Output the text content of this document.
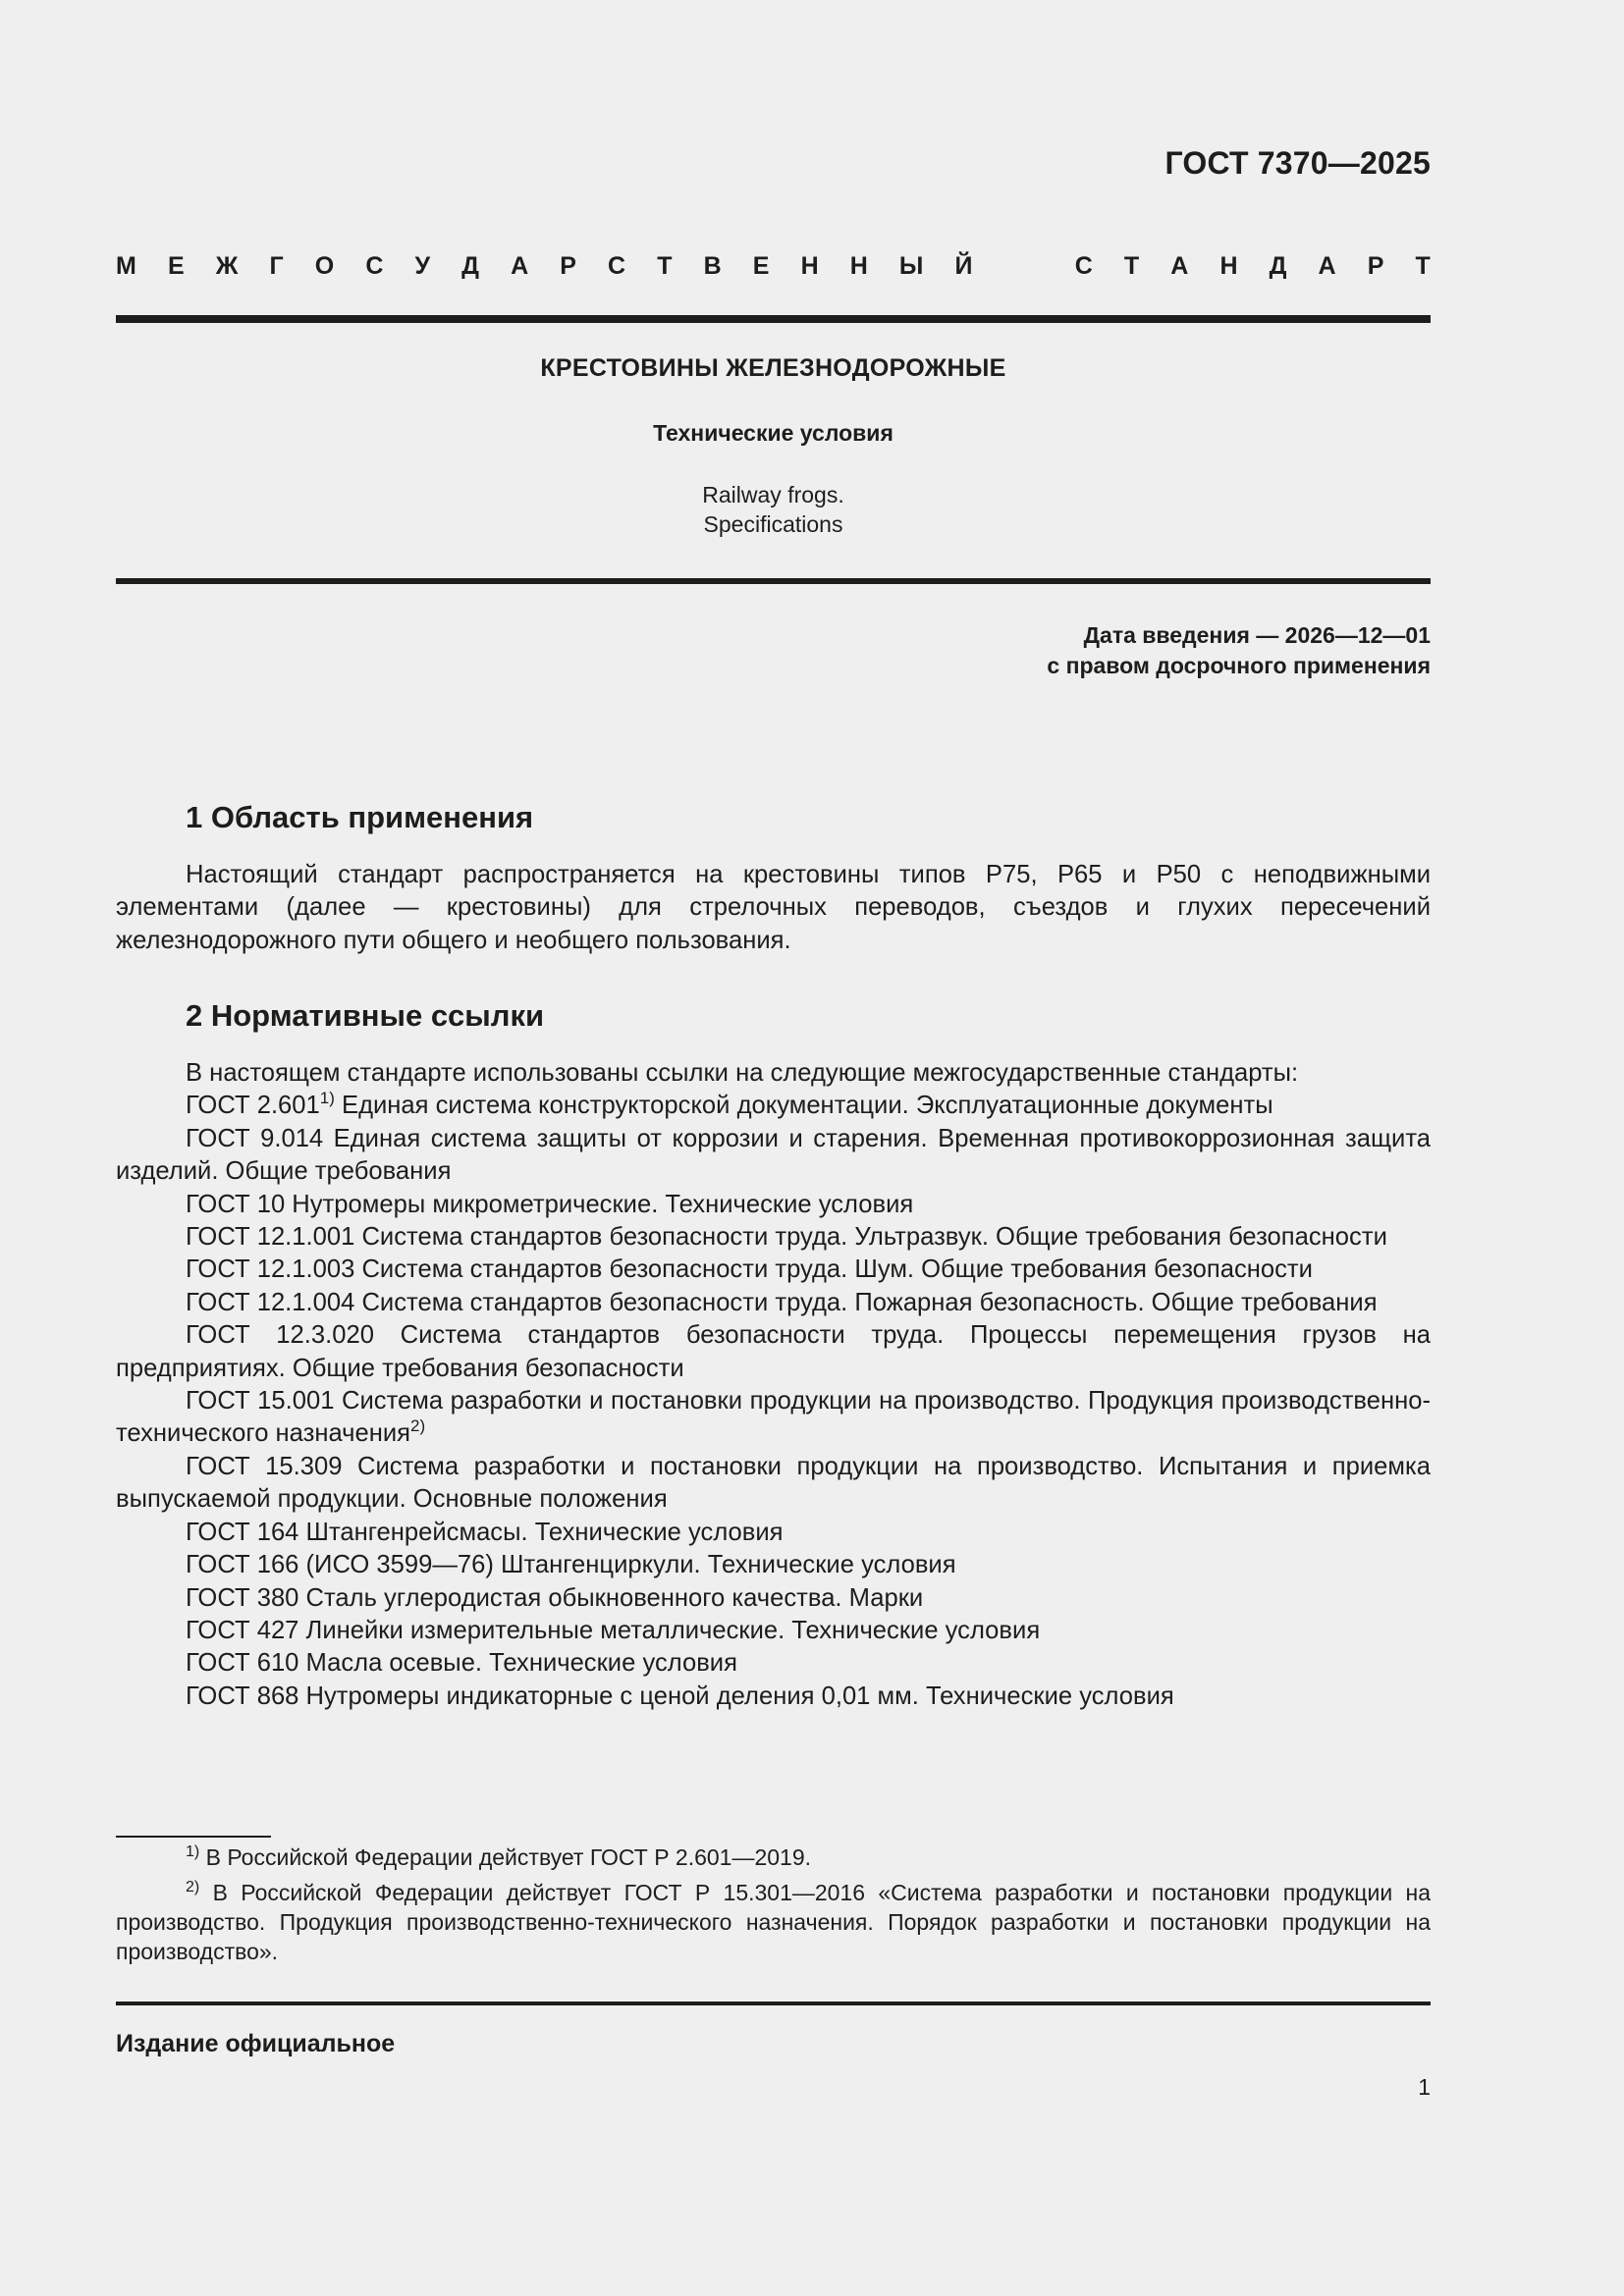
ГОСТ 7370—2025
М Е Ж Г О С У Д А Р С Т В Е Н Н Ы Й	С Т А Н Д А Р Т
КРЕСТОВИНЫ ЖЕЛЕЗНОДОРОЖНЫЕ
Технические условия
Railway frogs.
Specifications
Дата введения — 2026—12—01
с правом досрочного применения
1 Область применения

Настоящий стандарт распространяется на крестовины типов Р75, Р65 и Р50 с неподвижными элементами (далее — крестовины) для стрелочных переводов, съездов и глухих пересечений железнодорожного пути общего и необщего пользования.

2 Нормативные ссылки

В настоящем стандарте использованы ссылки на следующие межгосударственные стандарты:

ГОСТ 2.601$^{1)}$ Единая система конструкторской документации. Эксплуатационные документы

ГОСТ 9.014 Единая система защиты от коррозии и старения. Временная противокоррозионная защита изделий. Общие требования

ГОСТ 10 Нутромеры микрометрические. Технические условия

ГОСТ 12.1.001 Система стандартов безопасности труда. Ультразвук. Общие требования безопасности

ГОСТ 12.1.003 Система стандартов безопасности труда. Шум. Общие требования безопасности

ГОСТ 12.1.004 Система стандартов безопасности труда. Пожарная безопасность. Общие требования

ГОСТ 12.3.020 Система стандартов безопасности труда. Процессы перемещения грузов на предприятиях. Общие требования безопасности

ГОСТ 15.001 Система разработки и постановки продукции на производство. Продукция производственно-технического назначения$^{2)}$

ГОСТ 15.309 Система разработки и постановки продукции на производство. Испытания и приемка выпускаемой продукции. Основные положения

ГОСТ 164 Штангенрейсмасы. Технические условия

ГОСТ 166 (ИСО 3599—76) Штангенциркули. Технические условия

ГОСТ 380 Сталь углеродистая обыкновенного качества. Марки

ГОСТ 427 Линейки измерительные металлические. Технические условия

ГОСТ 610 Масла осевые. Технические условия

ГОСТ 868 Нутромеры индикаторные с ценой деления 0,01 мм. Технические условия

$^{1)}$ В Российской Федерации действует ГОСТ Р 2.601—2019.

$^{2)}$ В Российской Федерации действует ГОСТ Р 15.301—2016 «Система разработки и постановки продукции на производство. Продукция производственно-технического назначения. Порядок разработки и постановки продукции на производство».

Издание официальное
1
